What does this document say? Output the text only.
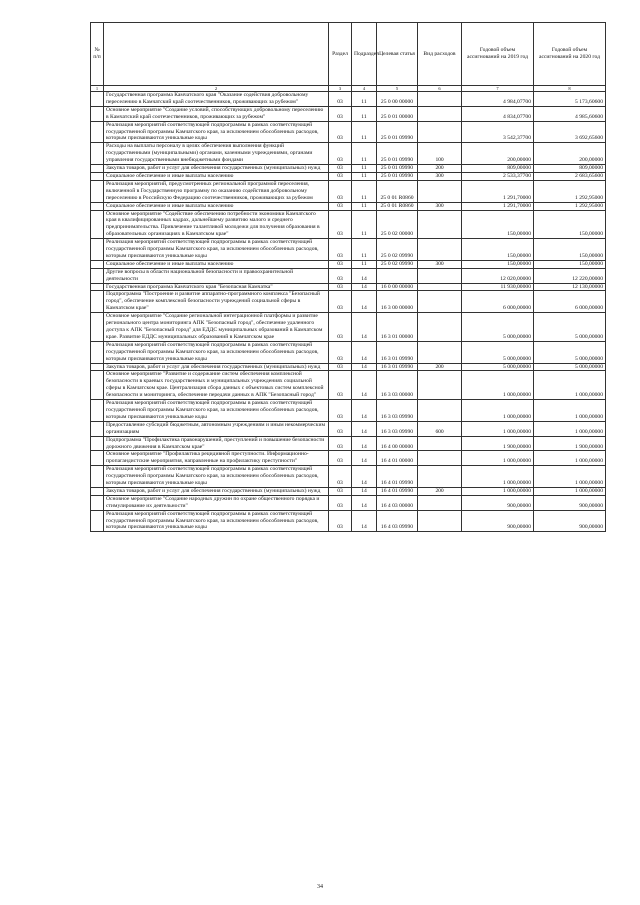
№ п/п		Раздел	Подраздел	Целевая статья	Вид расходов	Годовой объем ассигнований на 2019 год	Годовой объем ассигнований на 2020 год
1	2	3	4	5	6	7	8
	Государственная программа Камчатского края "Оказание содействия добровольному переселению в Камчатский край соотечественников, проживающих за рубежом"	03	11	25 0 00 00000		4 984,07700	5 173,60600
	Основное мероприятие "Создание условий, способствующих добровольному переселению в Камчатский край соотечественников, проживающих за рубежом"	03	11	25 0 01 00000		4 834,07700	4 985,60600
	Реализация мероприятий соответствующей подпрограммы в рамках соответствующей государственной программы Камчатского края, за исключением обособленных расходов, которым присваиваются уникальные коды	03	11	25 0 01 09990		3 542,37700	3 692,65600
	Расходы на выплаты персоналу в целях обеспечения выполнения функций государственными (муниципальными) органами, казенными учреждениями, органами управления государственными внебюджетными фондами	03	11	25 0 01 09990	100	200,00000	200,00000
	Закупка товаров, работ и услуг для обеспечения государственных (муниципальных) нужд	03	11	25 0 01 09990	200	809,00000	809,00000
	Социальное обеспечение и иные выплаты населению	03	11	25 0 01 09990	300	2 533,37700	2 683,65600
	Реализация мероприятий, предусмотренных региональной программой переселения, включенной в Государственную программу по оказанию содействия добровольному переселению в Российскую Федерацию соотечественников, проживающих за рубежом	03	11	25 0 01 R0860		1 291,70000	1 292,95000
	Социальное обеспечение и иные выплаты населению	03	11	25 0 01 R0860	300	1 291,70000	1 292,95000
	Основное мероприятие "Содействие обеспечению потребности экономики Камчатского края в квалифицированных кадрах, дальнейшему развитию малого и среднего предпринимательства. Привлечение талантливой молодежи для получения образования в образовательных организациях в Камчатском крае"	03	11	25 0 02 00000		150,00000	150,00000
	Реализация мероприятий соответствующей подпрограммы в рамках соответствующей государственной программы Камчатского края, за исключением обособленных расходов, которым присваиваются уникальные коды	03	11	25 0 02 09990		150,00000	150,00000
	Социальное обеспечение и иные выплаты населению	03	11	25 0 02 09990	300	150,00000	150,00000
	Другие вопросы в области национальной безопасности и правоохранительной деятельности	03	14			12 020,00000	12 220,00000
	Государственная программа Камчатского края "Безопасная Камчатка"	03	14	16 0 00 00000		11 930,00000	12 130,00000
	Подпрограмма "Построение и развитие аппаратно-программного комплекса "Безопасный город", обеспечение комплексной безопасности учреждений социальной сферы в Камчатском крае"	03	14	16 3 00 00000		6 000,00000	6 000,00000
	Основное мероприятие "Создание региональной интеграционной платформы и развитие регионального центра мониторинга АПК "Безопасный город", обеспечение удаленного доступа к АПК "Безопасный город" для ЕДДС муниципальных образований в Камчатском крае. Развитие ЕДДС муниципальных образований в Камчатском крае	03	14	16 3 01 00000		5 000,00000	5 000,00000
	Реализация мероприятий соответствующей подпрограммы в рамках соответствующей государственной программы Камчатского края, за исключением обособленных расходов, которым присваиваются уникальные коды	03	14	16 3 01 09990		5 000,00000	5 000,00000
	Закупка товаров, работ и услуг для обеспечения государственных (муниципальных) нужд	03	14	16 3 01 09990	200	5 000,00000	5 000,00000
	Основное мероприятие "Развитие и содержание систем обеспечения комплексной безопасности в краевых государственных и муниципальных учреждениях социальной сферы в Камчатском крае. Централизация сбора данных с объектовых систем комплексной безопасности и мониторинга, обеспечение передачи данных в АПК "Безопасный город"	03	14	16 3 03 00000		1 000,00000	1 000,00000
	Реализация мероприятий соответствующей подпрограммы в рамках соответствующей государственной программы Камчатского края, за исключением обособленных расходов, которым присваиваются уникальные коды	03	14	16 3 03 09990		1 000,00000	1 000,00000
	Предоставление субсидий бюджетным, автономным учреждениям и иным некоммерческим организациям	03	14	16 3 03 09990	600	1 000,00000	1 000,00000
	Подпрограмма "Профилактика правонарушений, преступлений и повышение безопасности дорожного движения в Камчатском крае"	03	14	16 4 00 00000		1 900,00000	1 900,00000
	Основное мероприятие "Профилактика рецидивной преступности. Информационно-пропагандистские мероприятия, направленные на профилактику преступности"	03	14	16 4 01 00000		1 000,00000	1 000,00000
	Реализация мероприятий соответствующей подпрограммы в рамках соответствующей государственной программы Камчатского края, за исключением обособленных расходов, которым присваиваются уникальные коды	03	14	16 4 01 09990		1 000,00000	1 000,00000
	Закупка товаров, работ и услуг для обеспечения государственных (муниципальных) нужд	03	14	16 4 01 09990	200	1 000,00000	1 000,00000
	Основное мероприятие "Создание народных дружин по охране общественного порядка и стимулирование их деятельности"	03	14	16 4 03 00000		900,00000	900,00000
	Реализация мероприятий соответствующей подпрограммы в рамках соответствующей государственной программы Камчатского края, за исключением обособленных расходов, которым присваиваются уникальные коды	03	14	16 4 03 09990		900,00000	900,00000
34
